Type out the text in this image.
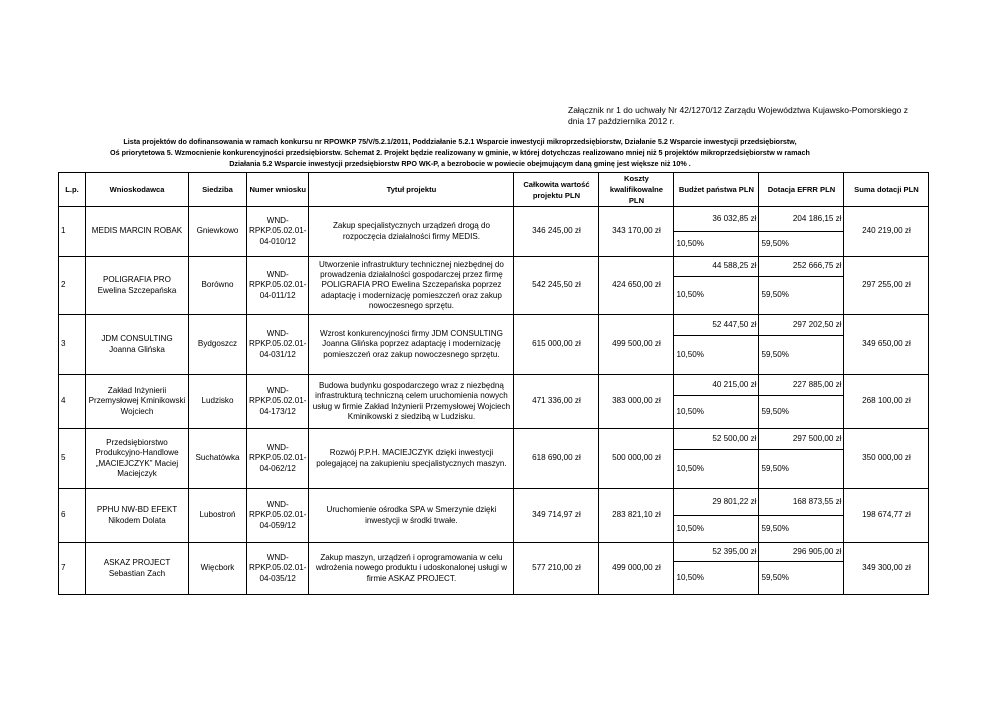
Załącznik nr 1 do uchwały Nr 42/1270/12 Zarządu Województwa Kujawsko-Pomorskiego z
dnia 17 października 2012 r.
Lista projektów do dofinansowania w ramach konkursu nr RPOWKP 75/V/5.2.1/2011, Poddziałanie 5.2.1 Wsparcie inwestycji mikroprzedsiębiorstw, Działanie 5.2 Wsparcie inwestycji przedsiębiorstw,
Oś priorytetowa 5. Wzmocnienie konkurencyjności przedsiębiorstw. Schemat 2. Projekt będzie realizowany w gminie, w której dotychczas realizowano mniej niż 5 projektów mikroprzedsiębiorstw w ramach
Działania 5.2 Wsparcie inwestycji przedsiębiorstw RPO WK-P, a bezrobocie w powiecie obejmującym daną gminę jest większe niż 10% .
L.p.	Wnioskodawca	Siedziba	Numer wniosku	Tytuł projektu	Całkowita wartość projektu PLN	Koszty kwalifikowalne PLN	Budżet państwa PLN	Dotacja EFRR PLN	Suma dotacji PLN
1	MEDIS MARCIN ROBAK	Gniewkowo	WND-RPKP.05.02.01-04-010/12	Zakup specjalistycznych urządzeń drogą do rozpoczęcia działalności firmy MEDIS.	346 245,00 zł	343 170,00 zł	36 032,85 zł	204 186,15 zł	240 219,00 zł
							10,50%	59,50%	
2	POLIGRAFIA PRO Ewelina Szczepańska	Borówno	WND-RPKP.05.02.01-04-011/12	Utworzenie infrastruktury technicznej niezbędnej do prowadzenia działalności gospodarczej przez firmę POLIGRAFIA PRO Ewelina Szczepańska poprzez adaptację i modernizację pomieszczeń oraz zakup nowoczesnego sprzętu.	542 245,50 zł	424 650,00 zł	44 588,25 zł	252 666,75 zł	297 255,00 zł
							10,50%	59,50%	
3	JDM CONSULTING Joanna Glińska	Bydgoszcz	WND-RPKP.05.02.01-04-031/12	Wzrost konkurencyjności firmy JDM CONSULTING Joanna Glińska poprzez adaptację i modernizację pomieszczeń oraz zakup nowoczesnego sprzętu.	615 000,00 zł	499 500,00 zł	52 447,50 zł	297 202,50 zł	349 650,00 zł
							10,50%	59,50%	
4	Zakład Inżynierii Przemysłowej Kminikowski Wojciech	Ludzisko	WND-RPKP.05.02.01-04-173/12	Budowa budynku gospodarczego wraz z niezbędną infrastrukturą techniczną celem uruchomienia nowych usług w firmie Zakład Inżynierii Przemysłowej Wojciech Kminikowski z siedzibą w Ludzisku.	471 336,00 zł	383 000,00 zł	40 215,00 zł	227 885,00 zł	268 100,00 zł
							10,50%	59,50%	
5	Przedsiębiorstwo Produkcyjno-Handlowe „MACIEJCZYK” Maciej Maciejczyk	Suchatówka	WND-RPKP.05.02.01-04-062/12	Rozwój P.P.H. MACIEJCZYK dzięki inwestycji polegającej na zakupieniu specjalistycznych maszyn.	618 690,00 zł	500 000,00 zł	52 500,00 zł	297 500,00 zł	350 000,00 zł
							10,50%	59,50%	
6	PPHU NW-BD EFEKT Nikodem Dolata	Lubostroń	WND-RPKP.05.02.01-04-059/12	Uruchomienie ośrodka SPA w Smerzynie dzięki inwestycji w środki trwałe.	349 714,97 zł	283 821,10 zł	29 801,22 zł	168 873,55 zł	198 674,77 zł
							10,50%	59,50%	
7	ASKAZ PROJECT Sebastian Zach	Więcbork	WND-RPKP.05.02.01-04-035/12	Zakup maszyn, urządzeń i oprogramowania w celu wdrożenia nowego produktu i udoskonalonej usługi w firmie ASKAZ PROJECT.	577 210,00 zł	499 000,00 zł	52 395,00 zł	296 905,00 zł	349 300,00 zł
							10,50%	59,50%	
